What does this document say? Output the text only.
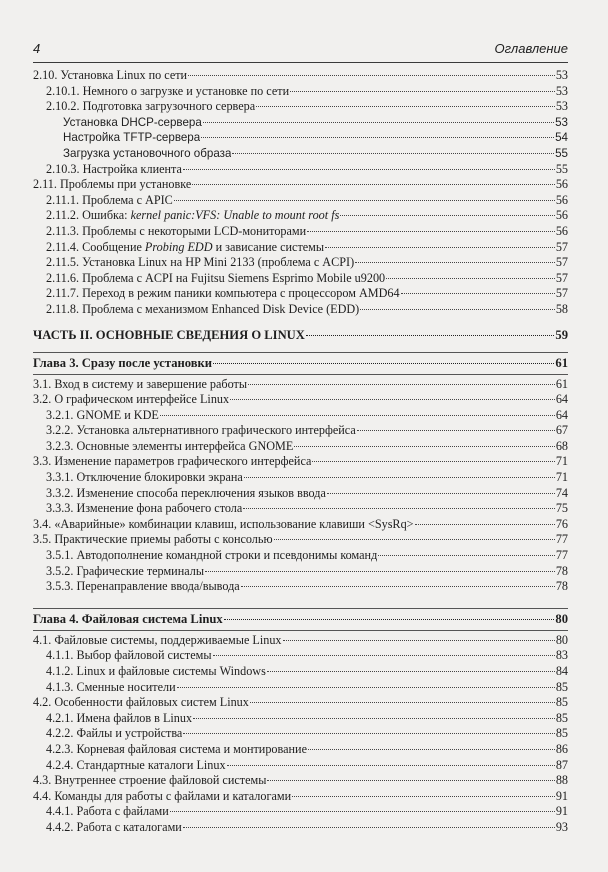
4	Оглавление
2.10. Установка Linux по сети	53
2.10.1. Немного о загрузке и установке по сети	53
2.10.2. Подготовка загрузочного сервера	53
Установка DHCP-сервера	53
Настройка TFTP-сервера	54
Загрузка установочного образа	55
2.10.3. Настройка клиента	55
2.11. Проблемы при установке	56
2.11.1. Проблема с APIC	56
2.11.2. Ошибка: kernel panic:VFS: Unable to mount root fs	56
2.11.3. Проблемы с некоторыми LCD-мониторами	56
2.11.4. Сообщение Probing EDD и зависание системы	57
2.11.5. Установка Linux на HP Mini 2133 (проблема с ACPI)	57
2.11.6. Проблема с ACPI на Fujitsu Siemens Esprimo Mobile u9200	57
2.11.7. Переход в режим паники компьютера с процессором AMD64	57
2.11.8. Проблема с механизмом Enhanced Disk Device (EDD)	58
ЧАСТЬ II. ОСНОВНЫЕ СВЕДЕНИЯ О LINUX	59
Глава 3. Сразу после установки	61
3.1. Вход в систему и завершение работы	61
3.2. О графическом интерфейсе Linux	64
3.2.1. GNOME и KDE	64
3.2.2. Установка альтернативного графического интерфейса	67
3.2.3. Основные элементы интерфейса GNOME	68
3.3. Изменение параметров графического интерфейса	71
3.3.1. Отключение блокировки экрана	71
3.3.2. Изменение способа переключения языков ввода	74
3.3.3. Изменение фона рабочего стола	75
3.4. «Аварийные» комбинации клавиш, использование клавиши <SysRq>	76
3.5. Практические приемы работы с консолью	77
3.5.1. Автодополнение командной строки и псевдонимы команд	77
3.5.2. Графические терминалы	78
3.5.3. Перенаправление ввода/вывода	78
Глава 4. Файловая система Linux	80
4.1. Файловые системы, поддерживаемые Linux	80
4.1.1. Выбор файловой системы	83
4.1.2. Linux и файловые системы Windows	84
4.1.3. Сменные носители	85
4.2. Особенности файловых систем Linux	85
4.2.1. Имена файлов в Linux	85
4.2.2. Файлы и устройства	85
4.2.3. Корневая файловая система и монтирование	86
4.2.4. Стандартные каталоги Linux	87
4.3. Внутреннее строение файловой системы	88
4.4. Команды для работы с файлами и каталогами	91
4.4.1. Работа с файлами	91
4.4.2. Работа с каталогами	93
